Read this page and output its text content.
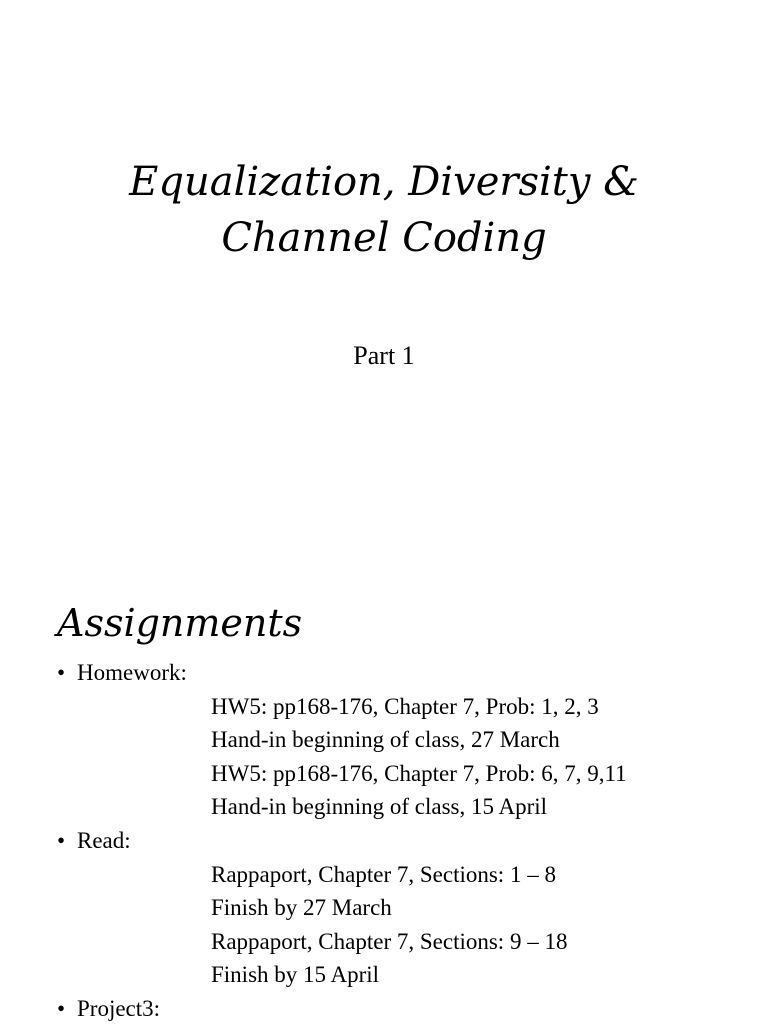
Equalization, Diversity &
Channel Coding
Part 1
Assignments
• Homework:
HW5: pp168-176, Chapter 7, Prob: 1, 2, 3
Hand-in beginning of class, 27 March
HW5: pp168-176, Chapter 7, Prob: 6, 7, 9,11
Hand-in beginning of class, 15 April
• Read:
Rappaport, Chapter 7, Sections: 1 – 8
Finish by 27 March
Rappaport, Chapter 7, Sections: 9 – 18
Finish by 15 April
• Project3:
